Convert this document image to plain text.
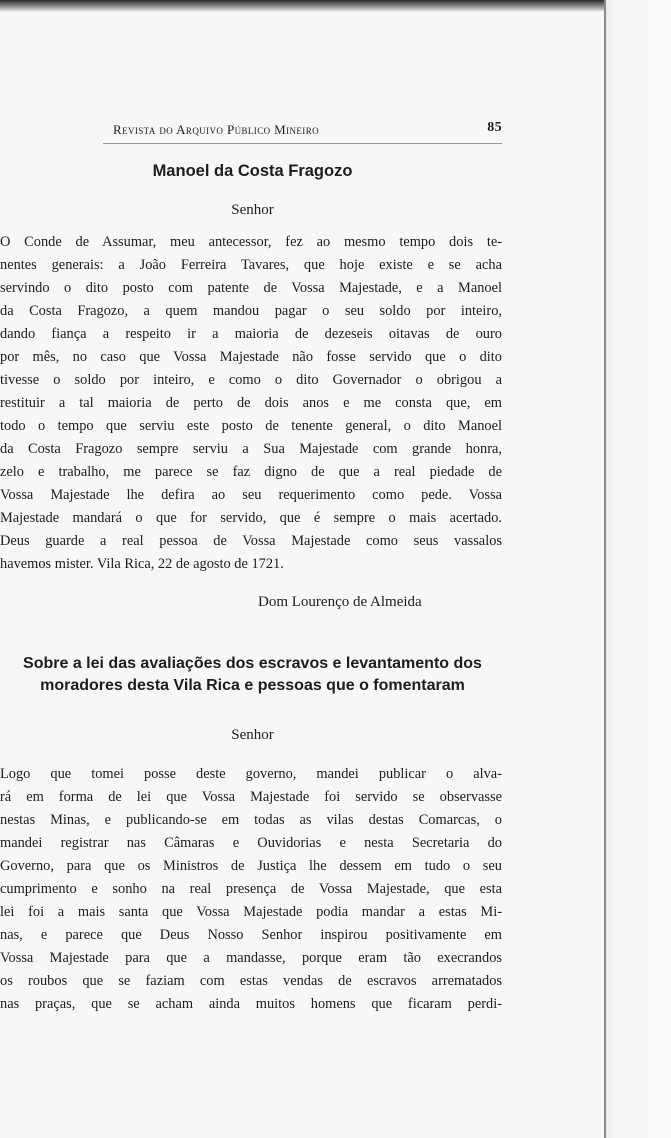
Revista do Arquivo Público Mineiro	85
Manoel da Costa Fragozo
Senhor
O Conde de Assumar, meu antecessor, fez ao mesmo tempo dois te-
nentes generais: a João Ferreira Tavares, que hoje existe e se acha
servindo o dito posto com patente de Vossa Majestade, e a Manoel
da Costa Fragozo, a quem mandou pagar o seu soldo por inteiro,
dando fiança a respeito ir a maioria de dezeseis oitavas de ouro
por mês, no caso que Vossa Majestade não fosse servido que o dito
tivesse o soldo por inteiro, e como o dito Governador o obrigou a
restituir a tal maioria de perto de dois anos e me consta que, em
todo o tempo que serviu este posto de tenente general, o dito Manoel
da Costa Fragozo sempre serviu a Sua Majestade com grande honra,
zelo e trabalho, me parece se faz digno de que a real piedade de
Vossa Majestade lhe defira ao seu requerimento como pede. Vossa
Majestade mandará o que for servido, que é sempre o mais acertado.
Deus guarde a real pessoa de Vossa Majestade como seus vassalos
havemos mister. Vila Rica, 22 de agosto de 1721.
Dom Lourenço de Almeida
Sobre a lei das avaliações dos escravos e levantamento dos
moradores desta Vila Rica e pessoas que o fomentaram
Senhor
Logo que tomei posse deste governo, mandei publicar o alva-
rá em forma de lei que Vossa Majestade foi servido se observasse
nestas Minas, e publicando-se em todas as vilas destas Comarcas, o
mandei registrar nas Câmaras e Ouvidorias e nesta Secretaria do
Governo, para que os Ministros de Justiça lhe dessem em tudo o seu
cumprimento e sonho na real presença de Vossa Majestade, que esta
lei foi a mais santa que Vossa Majestade podia mandar a estas Mi-
nas, e parece que Deus Nosso Senhor inspirou positivamente em
Vossa Majestade para que a mandasse, porque eram tão execrandos
os roubos que se faziam com estas vendas de escravos arrematados
nas praças, que se acham ainda muitos homens que ficaram perdi-
